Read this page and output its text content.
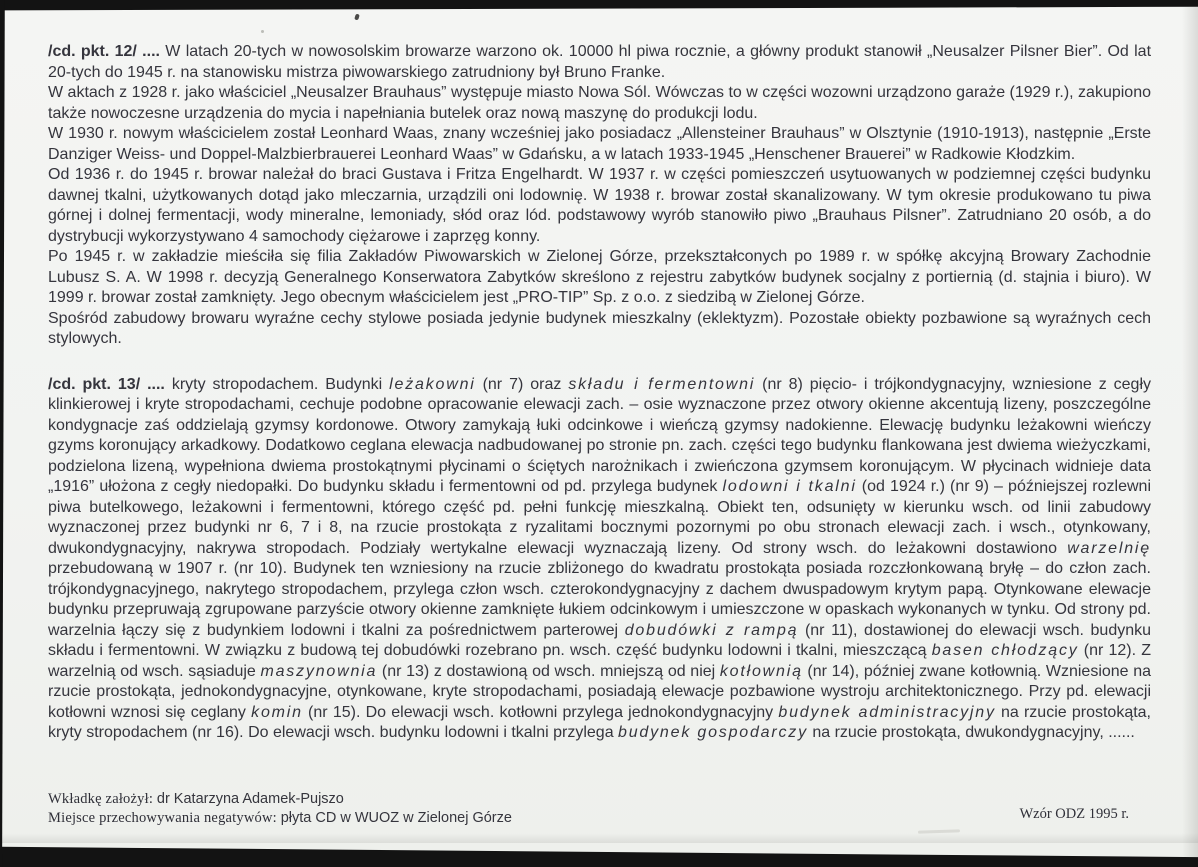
/cd. pkt. 12/ .... W latach 20-tych w nowosolskim browarze warzono ok. 10000 hl piwa rocznie, a główny produkt stanowił „Neusalzer Pilsner Bier”. Od lat 20-tych do 1945 r. na stanowisku mistrza piwowarskiego zatrudniony był Bruno Franke.

W aktach z 1928 r. jako właściciel „Neusalzer Brauhaus” występuje miasto Nowa Sól. Wówczas to w części wozowni urządzono garaże (1929 r.), zakupiono także nowoczesne urządzenia do mycia i napełniania butelek oraz nową maszynę do produkcji lodu.

W 1930 r. nowym właścicielem został Leonhard Waas, znany wcześniej jako posiadacz „Allensteiner Brauhaus” w Olsztynie (1910-1913), następnie „Erste Danziger Weiss- und Doppel-Malzbierbrauerei Leonhard Waas” w Gdańsku, a w latach 1933-1945 „Henschener Brauerei” w Radkowie Kłodzkim.

Od 1936 r. do 1945 r. browar należał do braci Gustava i Fritza Engelhardt. W 1937 r. w części pomieszczeń usytuowanych w podziemnej części budynku dawnej tkalni, użytkowanych dotąd jako mleczarnia, urządzili oni lodownię. W 1938 r. browar został skanalizowany. W tym okresie produkowano tu piwa górnej i dolnej fermentacji, wody mineralne, lemoniady, słód oraz lód. podstawowy wyrób stanowiło piwo „Brauhaus Pilsner”. Zatrudniano 20 osób, a do dystrybucji wykorzystywano 4 samochody ciężarowe i zaprzęg konny.

Po 1945 r. w zakładzie mieściła się filia Zakładów Piwowarskich w Zielonej Górze, przekształconych po 1989 r. w spółkę akcyjną Browary Zachodnie Lubusz S. A. W 1998 r. decyzją Generalnego Konserwatora Zabytków skreślono z rejestru zabytków budynek socjalny z portiernią (d. stajnia i biuro). W 1999 r. browar został zamknięty. Jego obecnym właścicielem jest „PRO-TIP” Sp. z o.o. z siedzibą w Zielonej Górze.

Spośród zabudowy browaru wyraźne cechy stylowe posiada jedynie budynek mieszkalny (eklektyzm). Pozostałe obiekty pozbawione są wyraźnych cech stylowych.

/cd. pkt. 13/ .... kryty stropodachem. Budynki leżakowni (nr 7) oraz składu i fermentowni (nr 8) pięcio- i trójkondygnacyjny, wzniesione z cegły klinkierowej i kryte stropodachami, cechuje podobne opracowanie elewacji zach. – osie wyznaczone przez otwory okienne akcentują lizeny, poszczególne kondygnacje zaś oddzielają gzymsy kordonowe. Otwory zamykają łuki odcinkowe i wieńczą gzymsy nadokienne. Elewację budynku leżakowni wieńczy gzyms koronujący arkadkowy. Dodatkowo ceglana elewacja nadbudowanej po stronie pn. zach. części tego budynku flankowana jest dwiema wieżyczkami, podzielona lizeną, wypełniona dwiema prostokątnymi płycinami o ściętych narożnikach i zwieńczona gzymsem koronującym. W płycinach widnieje data „1916” ułożona z cegły niedopałki. Do budynku składu i fermentowni od pd. przylega budynek lodowni i tkalni (od 1924 r.) (nr 9) – późniejszej rozlewni piwa butelkowego, leżakowni i fermentowni, którego część pd. pełni funkcję mieszkalną. Obiekt ten, odsunięty w kierunku wsch. od linii zabudowy wyznaczonej przez budynki nr 6, 7 i 8, na rzucie prostokąta z ryzalitami bocznymi pozornymi po obu stronach elewacji zach. i wsch., otynkowany, dwukondygnacyjny, nakrywa stropodach. Podziały wertykalne elewacji wyznaczają lizeny. Od strony wsch. do leżakowni dostawiono warzelnię przebudowaną w 1907 r. (nr 10). Budynek ten wzniesiony na rzucie zbliżonego do kwadratu prostokąta posiada rozczłonkowaną bryłę – do człon zach. trójkondygnacyjnego, nakrytego stropodachem, przylega człon wsch. czterokondygnacyjny z dachem dwuspadowym krytym papą. Otynkowane elewacje budynku przepruwają zgrupowane parzyście otwory okienne zamknięte łukiem odcinkowym i umieszczone w opaskach wykonanych w tynku. Od strony pd. warzelnia łączy się z budynkiem lodowni i tkalni za pośrednictwem parterowej dobudówki z rampą (nr 11), dostawionej do elewacji wsch. budynku składu i fermentowni. W związku z budową tej dobudówki rozebrano pn. wsch. część budynku lodowni i tkalni, mieszczącą basen chłodzący (nr 12). Z warzelnią od wsch. sąsiaduje maszynownia (nr 13) z dostawioną od wsch. mniejszą od niej kotłownią (nr 14), później zwane kotłownią. Wzniesione na rzucie prostokąta, jednokondygnacyjne, otynkowane, kryte stropodachami, posiadają elewacje pozbawione wystroju architektonicznego. Przy pd. elewacji kotłowni wznosi się ceglany komin (nr 15). Do elewacji wsch. kotłowni przylega jednokondygnacyjny budynek administracyjny na rzucie prostokąta, kryty stropodachem (nr 16). Do elewacji wsch. budynku lodowni i tkalni przylega budynek gospodarczy na rzucie prostokąta, dwukondygnacyjny, ......

Wkładkę założył: dr Katarzyna Adamek-Pujszo
Miejsce przechowywania negatywów: płyta CD w WUOZ w Zielonej Górze	Wzór ODZ 1995 r.
